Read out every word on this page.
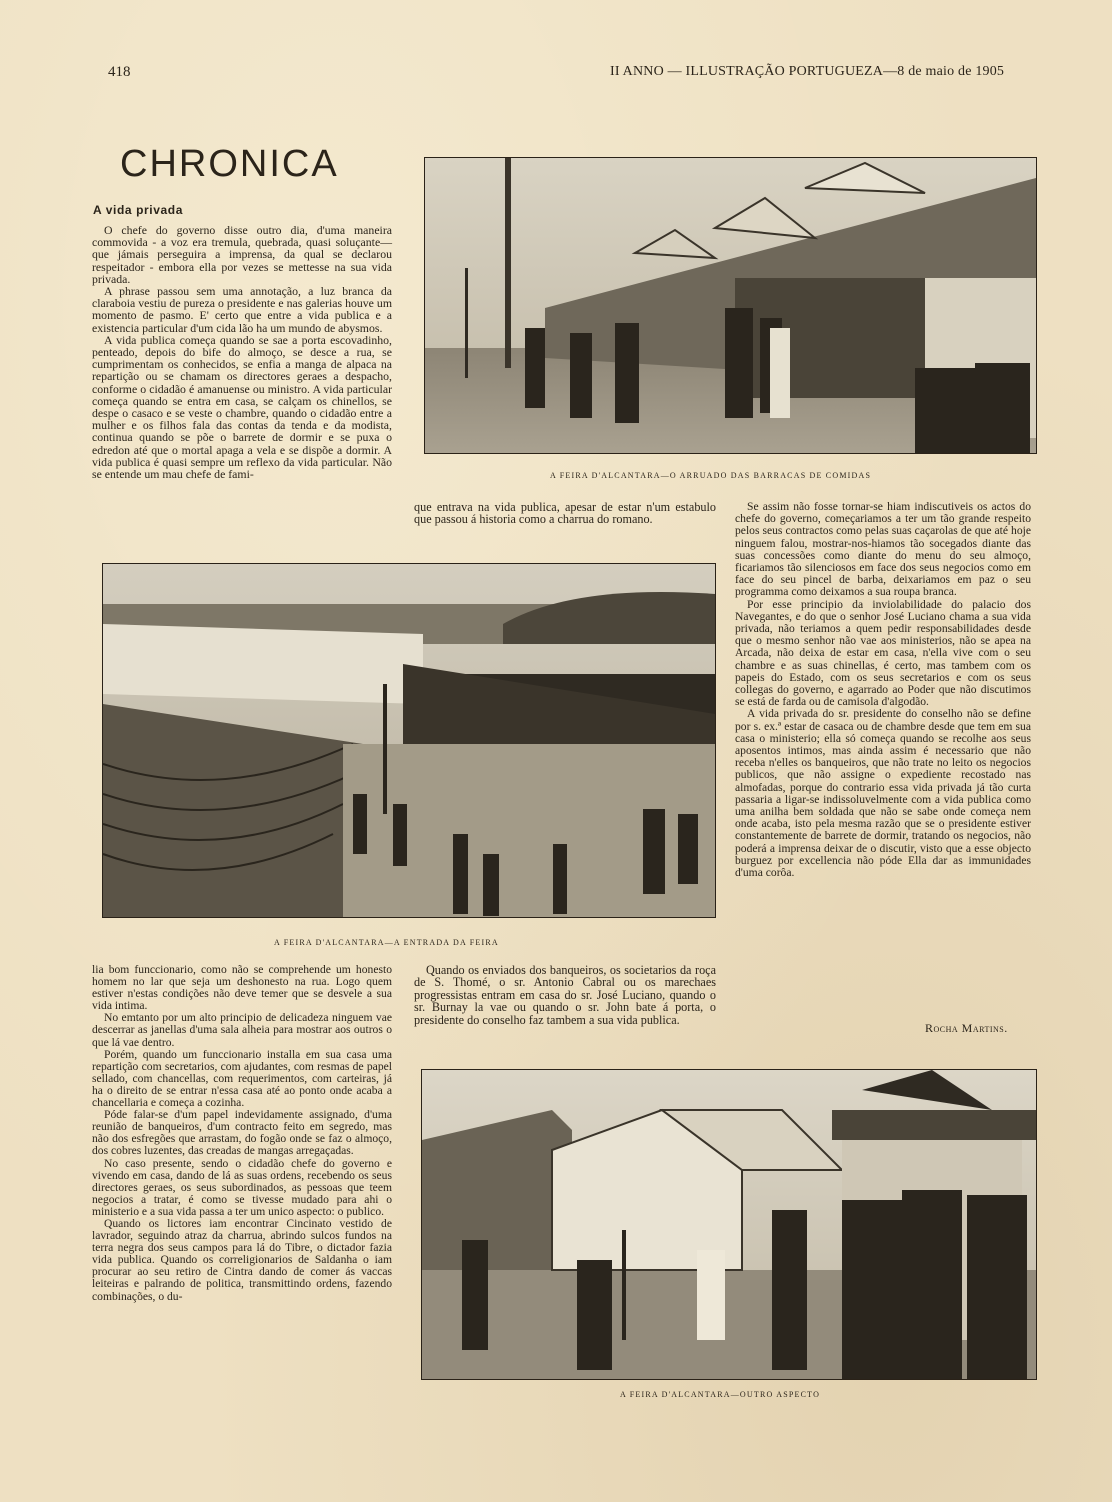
418	II ANNO — ILLUSTRAÇÃO PORTUGUEZA—8 de maio de 1905
CHRONICA
A vida privada

O chefe do governo disse outro dia, d'uma maneira commovida - a voz era tremula, quebrada, quasi soluçante—que jámais perseguira a imprensa, da qual se declarou respeitador - embora ella por vezes se mettesse na sua vida privada.

A phrase passou sem uma annotação, a luz branca da claraboia vestiu de pureza o presidente e nas galerias houve um momento de pasmo. E' certo que entre a vida publica e a existencia particular d'um cida lão ha um mundo de abysmos.

A vida publica começa quando se sae a porta escovadinho, penteado, depois do bife do almoço, se desce a rua, se cumprimentam os conhecidos, se enfia a manga de alpaca na repartição ou se chamam os directores geraes a despacho, conforme o cidadão é amanuense ou ministro. A vida particular começa quando se entra em casa, se calçam os chinellos, se despe o casaco e se veste o chambre, quando o cidadão entre a mulher e os filhos fala das contas da tenda e da modista, continua quando se põe o barrete de dormir e se puxa o edredon até que o mortal apaga a vela e se dispõe a dormir. A vida publica é quasi sempre um reflexo da vida particular. Não se entende um mau chefe de fami-

que entrava na vida publica, apesar de estar n'um estabulo que passou á historia como a charrua do romano.

Se assim não fosse tornar-se hiam indiscutiveis os actos do chefe do governo, começariamos a ter um tão grande respeito pelos seus contractos como pelas suas caçarolas de que até hoje ninguem falou, mostrar-nos-hiamos tão socegados diante das suas concessões como diante do menu do seu almoço, ficariamos tão silenciosos em face dos seus negocios como em face do seu pincel de barba, deixariamos em paz o seu programma como deixamos a sua roupa branca.

Por esse principio da inviolabilidade do palacio dos Navegantes, e do que o senhor José Luciano chama a sua vida privada, não teriamos a quem pedir responsabilidades desde que o mesmo senhor não vae aos ministerios, não se apea na Arcada, não deixa de estar em casa, n'ella vive com o seu chambre e as suas chinellas, é certo, mas tambem com os papeis do Estado, com os seus secretarios e com os seus collegas do governo, e agarrado ao Poder que não discutimos se está de farda ou de camisola d'algodão.

A vida privada do sr. presidente do conselho não se define por s. ex.ª estar de casaca ou de chambre desde que tem em sua casa o ministerio; ella só começa quando se recolhe aos seus aposentos intimos, mas ainda assim é necessario que não receba n'elles os banqueiros, que não trate no leito os negocios publicos, que não assigne o expediente recostado nas almofadas, porque do contrario essa vida privada já tão curta passaria a ligar-se indissoluvelmente com a vida publica como uma anilha bem soldada que não se sabe onde começa nem onde acaba, isto pela mesma razão que se o presidente estiver constantemente de barrete de dormir, tratando os negocios, não poderá a imprensa deixar de o discutir, visto que a esse objecto burguez por excellencia não póde Ella dar as immunidades d'uma corôa.

lia bom funccionario, como não se comprehende um honesto homem no lar que seja um deshonesto na rua. Logo quem estiver n'estas condições não deve temer que se desvele a sua vida intima.

No emtanto por um alto principio de delicadeza ninguem vae descerrar as janellas d'uma sala alheia para mostrar aos outros o que lá vae dentro.

Porém, quando um funccionario installa em sua casa uma repartição com secretarios, com ajudantes, com resmas de papel sellado, com chancellas, com requerimentos, com carteiras, já ha o direito de se entrar n'essa casa até ao ponto onde acaba a chancellaria e começa a cozinha.

Póde falar-se d'um papel indevidamente assignado, d'uma reunião de banqueiros, d'um contracto feito em segredo, mas não dos esfregões que arrastam, do fogão onde se faz o almoço, dos cobres luzentes, das creadas de mangas arregaçadas.

No caso presente, sendo o cidadão chefe do governo e vivendo em casa, dando de lá as suas ordens, recebendo os seus directores geraes, os seus subordinados, as pessoas que teem negocios a tratar, é como se tivesse mudado para ahi o ministerio e a sua vida passa a ter um unico aspecto: o publico.

Quando os lictores iam encontrar Cincinato vestido de lavrador, seguindo atraz da charrua, abrindo sulcos fundos na terra negra dos seus campos para lá do Tibre, o dictador fazia vida publica. Quando os correligionarios de Saldanha o iam procurar ao seu retiro de Cintra dando de comer ás vaccas leiteiras e palrando de politica, transmittindo ordens, fazendo combinações, o du-

Quando os enviados dos banqueiros, os societarios da roça de S. Thomé, o sr. Antonio Cabral ou os marechaes progressistas entram em casa do sr. José Luciano, quando o sr. Burnay la vae ou quando o sr. John bate á porta, o presidente do conselho faz tambem a sua vida publica.

Rocha Martins.
A FEIRA D'ALCANTARA—O ARRUADO DAS BARRACAS DE COMIDAS
A FEIRA D'ALCANTARA—A ENTRADA DA FEIRA
A FEIRA D'ALCANTARA—OUTRO ASPECTO
